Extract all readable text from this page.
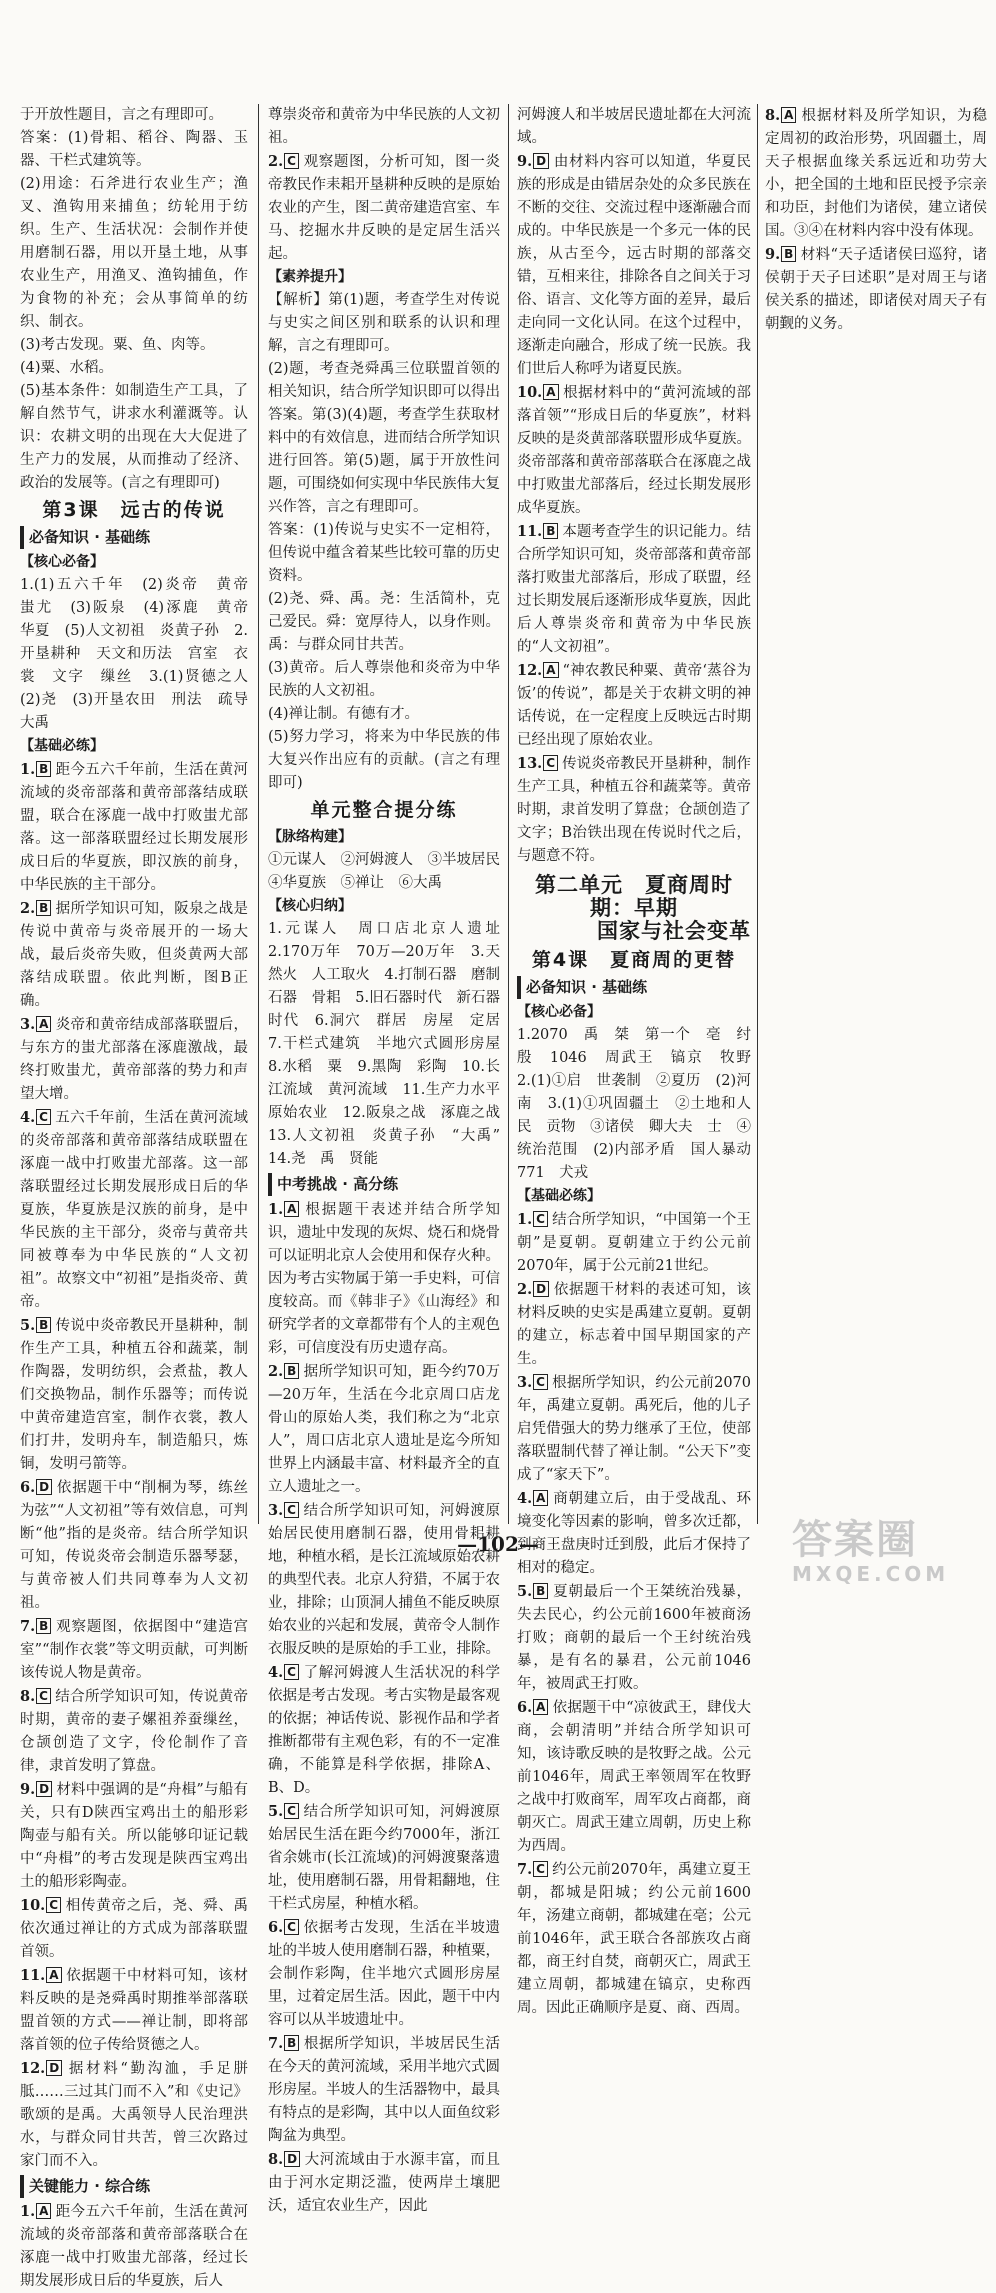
于开放性题目，言之有理即可。

答案：(1)骨耜、稻谷、陶器、玉器、干栏式建筑等。

(2)用途：石斧进行农业生产；渔叉、渔钩用来捕鱼；纺轮用于纺织。生产、生活状况：会制作并使用磨制石器，用以开垦土地，从事农业生产，用渔叉、渔钩捕鱼，作为食物的补充；会从事简单的纺织、制衣。

(3)考古发现。粟、鱼、肉等。

(4)粟、水稻。

(5)基本条件：如制造生产工具，了解自然节气，讲求水利灌溉等。认识：农耕文明的出现在大大促进了生产力的发展，从而推动了经济、政治的发展等。(言之有理即可)

第3课　远古的传说
必备知识 · 基础练

【核心必备】

1.(1)五六千年　(2)炎帝　黄帝　蚩尤　(3)阪泉　(4)涿鹿　黄帝　华夏　(5)人文初祖　炎黄子孙　2.开垦耕种　天文和历法　宫室　衣裳　文字　缫丝　3.(1)贤德之人　(2)尧　(3)开垦农田　刑法　疏导　大禹

【基础必练】

1. B 距今五六千年前，生活在黄河流域的炎帝部落和黄帝部落结成联盟，联合在涿鹿一战中打败蚩尤部落。这一部落联盟经过长期发展形成日后的华夏族，即汉族的前身，中华民族的主干部分。

2. B 据所学知识可知，阪泉之战是传说中黄帝与炎帝展开的一场大战，最后炎帝失败，但炎黄两大部落结成联盟。依此判断，图B正确。

3. A 炎帝和黄帝结成部落联盟后，与东方的蚩尤部落在涿鹿激战，最终打败蚩尤，黄帝部落的势力和声望大增。

4. C 五六千年前，生活在黄河流域的炎帝部落和黄帝部落结成联盟在涿鹿一战中打败蚩尤部落。这一部落联盟经过长期发展形成日后的华夏族，华夏族是汉族的前身，是中华民族的主干部分，炎帝与黄帝共同被尊奉为中华民族的“人文初祖”。故察文中“初祖”是指炎帝、黄帝。

5. B 传说中炎帝教民开垦耕种，制作生产工具，种植五谷和蔬菜，制作陶器，发明纺织，会煮盐，教人们交换物品，制作乐器等；而传说中黄帝建造宫室，制作衣裳，教人们打井，发明舟车，制造船只，炼铜，发明弓箭等。

6. D 依据题干中“削桐为琴，练丝为弦”“人文初祖”等有效信息，可判断“他”指的是炎帝。结合所学知识可知，传说炎帝会制造乐器琴瑟，与黄帝被人们共同尊奉为人文初祖。

7. B 观察题图，依据图中“建造宫室”“制作衣裳”等文明贡献，可判断该传说人物是黄帝。

8. C 结合所学知识可知，传说黄帝时期，黄帝的妻子嫘祖养蚕缫丝，仓颉创造了文字，伶伦制作了音律，隶首发明了算盘。

9. D 材料中强调的是“舟楫”与船有关，只有D陕西宝鸡出土的船形彩陶壶与船有关。所以能够印证记载中“舟楫”的考古发现是陕西宝鸡出土的船形彩陶壶。

10. C 相传黄帝之后，尧、舜、禹依次通过禅让的方式成为部落联盟首领。

11. A 依据题干中材料可知，该材料反映的是尧舜禹时期推举部落联盟首领的方式——禅让制，即将部落首领的位子传给贤德之人。

12. D 据材料“勤沟洫，手足胼胝……三过其门而不入”和《史记》歌颂的是禹。大禹领导人民治理洪水，与群众同甘共苦，曾三次路过家门而不入。

关键能力 · 综合练

1. A 距今五六千年前，生活在黄河流域的炎帝部落和黄帝部落联合在涿鹿一战中打败蚩尤部落，经过长期发展形成日后的华夏族，后人

尊崇炎帝和黄帝为中华民族的人文初祖。

2. C 观察题图，分析可知，图一炎帝教民作耒耜开垦耕种反映的是原始农业的产生，图二黄帝建造宫室、车马、挖掘水井反映的是定居生活兴起。

【素养提升】

【解析】第(1)题，考查学生对传说与史实之间区别和联系的认识和理解，言之有理即可。

(2)题，考查尧舜禹三位联盟首领的相关知识，结合所学知识即可以得出答案。第(3)(4)题，考查学生获取材料中的有效信息，进而结合所学知识进行回答。第(5)题，属于开放性问题，可围绕如何实现中华民族伟大复兴作答，言之有理即可。

答案：(1)传说与史实不一定相符，但传说中蕴含着某些比较可靠的历史资料。

(2)尧、舜、禹。尧：生活简朴，克己爱民。舜：宽厚待人，以身作则。禹：与群众同甘共苦。

(3)黄帝。后人尊崇他和炎帝为中华民族的人文初祖。

(4)禅让制。有德有才。

(5)努力学习，将来为中华民族的伟大复兴作出应有的贡献。(言之有理即可)

单元整合提分练

【脉络构建】

①元谋人　②河姆渡人　③半坡居民　④华夏族　⑤禅让　⑥大禹

【核心归纳】

1.元谋人　周口店北京人遗址　2.170万年　70万—20万年　3.天然火　人工取火　4.打制石器　磨制石器　骨耜　5.旧石器时代　新石器时代　6.洞穴　群居　房屋　定居　7.干栏式建筑　半地穴式圆形房屋　8.水稻　粟　9.黑陶　彩陶　10.长江流域　黄河流域　11.生产力水平　原始农业　12.阪泉之战　涿鹿之战　13.人文初祖　炎黄子孙　“大禹”　14.尧　禹　贤能

中考挑战 · 高分练

1. A 根据题干表述并结合所学知识，遗址中发现的灰烬、烧石和烧骨可以证明北京人会使用和保存火种。因为考古实物属于第一手史料，可信度较高。而《韩非子》《山海经》和研究学者的文章都带有个人的主观色彩，可信度没有历史遗存高。

2. B 据所学知识可知，距今约70万—20万年，生活在今北京周口店龙骨山的原始人类，我们称之为“北京人”，周口店北京人遗址是迄今所知世界上内涵最丰富、材料最齐全的直立人遗址之一。

3. C 结合所学知识可知，河姆渡原始居民使用磨制石器，使用骨耜耕地，种植水稻，是长江流域原始农耕的典型代表。北京人狩猎，不属于农业，排除；山顶洞人捕鱼不能反映原始农业的兴起和发展，黄帝令人制作衣服反映的是原始的手工业，排除。

4. C 了解河姆渡人生活状况的科学依据是考古发现。考古实物是最客观的依据；神话传说、影视作品和学者推断都带有主观色彩，有的不一定准确，不能算是科学依据，排除A、B、D。

5. C 结合所学知识可知，河姆渡原始居民生活在距今约7000年，浙江省余姚市(长江流域)的河姆渡聚落遗址，使用磨制石器，用骨耜翻地，住干栏式房屋，种植水稻。

6. C 依据考古发现，生活在半坡遗址的半坡人使用磨制石器，种植粟，会制作彩陶，住半地穴式圆形房屋里，过着定居生活。因此，题干中内容可以从半坡遗址中。

7. B 根据所学知识，半坡居民生活在今天的黄河流域，采用半地穴式圆形房屋。半坡人的生活器物中，最具有特点的是彩陶，其中以人面鱼纹彩陶盆为典型。

8. D 大河流域由于水源丰富，而且由于河水定期泛滥，使两岸土壤肥沃，适宜农业生产，因此

河姆渡人和半坡居民遗址都在大河流域。

9. D 由材料内容可以知道，华夏民族的形成是由错居杂处的众多民族在不断的交往、交流过程中逐渐融合而成的。中华民族是一个多元一体的民族，从古至今，远古时期的部落交错，互相来往，排除各自之间关于习俗、语言、文化等方面的差异，最后走向同一文化认同。在这个过程中，逐渐走向融合，形成了统一民族。我们世后人称呼为诸夏民族。

10. A 根据材料中的“黄河流域的部落首领”“形成日后的华夏族”，材料反映的是炎黄部落联盟形成华夏族。炎帝部落和黄帝部落联合在涿鹿之战中打败蚩尤部落后，经过长期发展形成华夏族。

11. B 本题考查学生的识记能力。结合所学知识可知，炎帝部落和黄帝部落打败蚩尤部落后，形成了联盟，经过长期发展后逐渐形成华夏族，因此后人尊崇炎帝和黄帝为中华民族的“人文初祖”。

12. A “神农教民种粟、黄帝‘蒸谷为饭’的传说”，都是关于农耕文明的神话传说，在一定程度上反映远古时期已经出现了原始农业。

13. C 传说炎帝教民开垦耕种，制作生产工具，种植五谷和蔬菜等。黄帝时期，隶首发明了算盘；仓颉创造了文字；B治铁出现在传说时代之后，与题意不符。

第二单元　夏商周时期：早期
国家与社会变革
第4课　夏商周的更替
必备知识 · 基础练

【核心必备】

1.2070　禹　桀　第一个　亳　纣　殷　1046　周武王　镐京　牧野　2.(1)①启　世袭制　②夏历　(2)河南　3.(1)①巩固疆土　②土地和人民　贡物　③诸侯　卿大夫　士　④统治范围　(2)内部矛盾　国人暴动　771　犬戎

【基础必练】

1. C 结合所学知识，“中国第一个王朝”是夏朝。夏朝建立于约公元前2070年，属于公元前21世纪。

2. D 依据题干材料的表述可知，该材料反映的史实是禹建立夏朝。夏朝的建立，标志着中国早期国家的产生。

3. C 根据所学知识，约公元前2070年，禹建立夏朝。禹死后，他的儿子启凭借强大的势力继承了王位，使部落联盟制代替了禅让制。“公天下”变成了“家天下”。

4. A 商朝建立后，由于受战乱、环境变化等因素的影响，曾多次迁都，到商王盘庚时迁到殷，此后才保持了相对的稳定。

5. B 夏朝最后一个王桀统治残暴，失去民心，约公元前1600年被商汤打败；商朝的最后一个王纣统治残暴，是有名的暴君，公元前1046年，被周武王打败。

6. A 依据题干中“凉彼武王，肆伐大商，会朝清明”并结合所学知识可知，该诗歌反映的是牧野之战。公元前1046年，周武王率领周军在牧野之战中打败商军，周军攻占商都，商朝灭亡。周武王建立周朝，历史上称为西周。

7. C 约公元前2070年，禹建立夏王朝，都城是阳城；约公元前1600年，汤建立商朝，都城建在亳；公元前1046年，武王联合各部族攻占商都，商王纣自焚，商朝灭亡，周武王建立周朝，都城建在镐京，史称西周。因此正确顺序是夏、商、西周。

8. A 根据材料及所学知识，为稳定周初的政治形势，巩固疆土，周天子根据血缘关系远近和功劳大小，把全国的土地和臣民授予宗亲和功臣，封他们为诸侯，建立诸侯国。③④在材料内容中没有体现。

9. B 材料“天子适诸侯曰巡狩，诸侯朝于天子曰述职”是对周王与诸侯关系的描述，即诸侯对周天子有朝觐的义务。

—102—	答案圈
MXQE.COM
